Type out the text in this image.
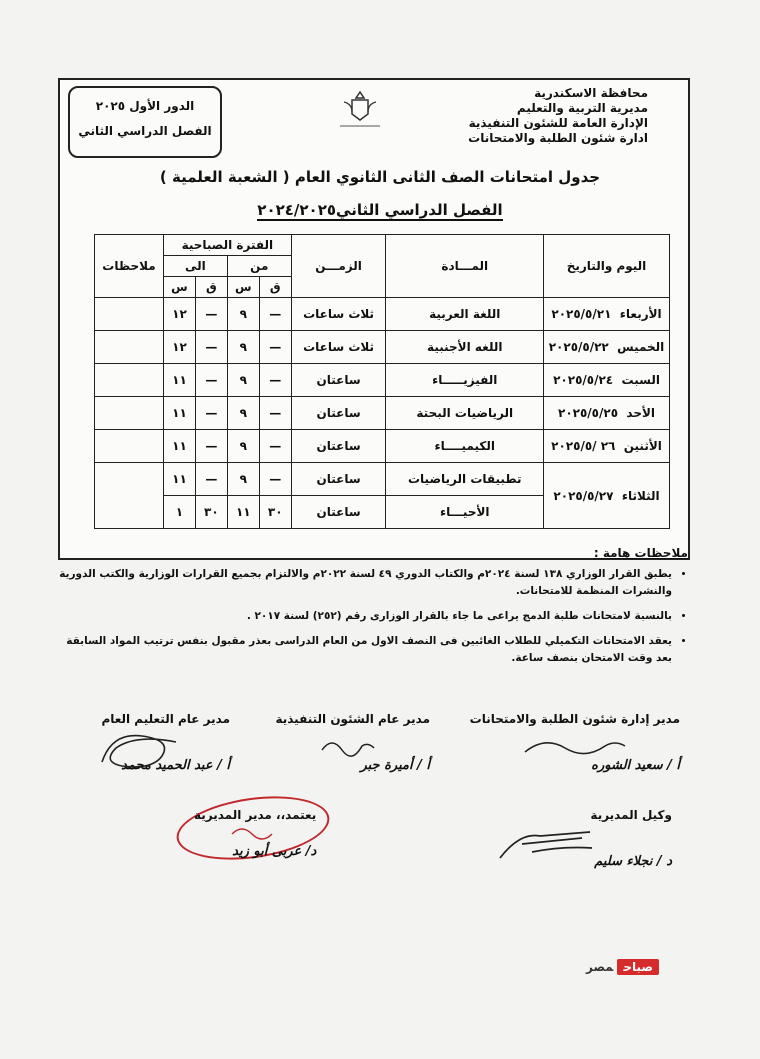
الدور الأول ٢٠٢٥
الفصل الدراسي الثاني
محافظة الاسكندرية
مديرية التربية والتعليم
الإدارة العامة للشئون التنفيذية
ادارة شئون الطلبة والامتحانات
جدول امتحانات الصف الثانى الثانوي العام ( الشعبة العلمية )
الفصل الدراسي الثاني٢٠٢٤/٢٠٢٥
اليوم والتاريخ	المـــادة	الزمـــن	الفترة الصباحية				ملاحظات
			من		الى		
			ق	س	ق	س	
الأربعاء  ٢٠٢٥/٥/٢١	اللغة العربية	ثلاث ساعات	—	٩	—	١٢	
الخميس  ٢٠٢٥/٥/٢٢	اللغه الأجنبية	ثلاث ساعات	—	٩	—	١٢	
السبت  ٢٠٢٥/٥/٢٤	الفيزيـــــاء	ساعتان	—	٩	—	١١	
الأحد  ٢٠٢٥/٥/٢٥	الرياضيات البحتة	ساعتان	—	٩	—	١١	
الأثنين  ٢٦ /٢٠٢٥/٥	الكيميــــاء	ساعتان	—	٩	—	١١	
الثلاثاء  ٢٠٢٥/٥/٢٧	تطبيقات الرياضيات	ساعتان	—	٩	—	١١	
	الأحيـــاء	ساعتان	٣٠	١١	٣٠	١	
ملاحظات هامة :
• يطبق القرار الوزاري ١٣٨ لسنة ٢٠٢٤م والكتاب الدوري ٤٩ لسنة ٢٠٢٢م والالتزام بجميع القرارات الوزارية والكتب الدورية والنشرات المنظمة للامتحانات.
• بالنسبة لامتحانات طلبة الدمج يراعى ما جاء بالقرار الوزارى رقم (٢٥٢) لسنة ٢٠١٧ .
• يعقد الامتحانات التكميلي للطلاب الغائبين فى النصف الاول من العام الدراسى بعذر مقبول بنفس ترتيب المواد السابقة بعد وقت الامتحان بنصف ساعة.
مدير إدارة شئون الطلبة والامتحانات
أ / سعيد الشوره
مدير عام الشئون التنفيذية
أ / أميرة جبر
مدير عام التعليم العام
أ / عبد الحميد محمد
وكيل المديرية
د / نجلاء سليم
يعتمد،، مدير المديرية
د/ عربى أبو زيد
صباحمصر
